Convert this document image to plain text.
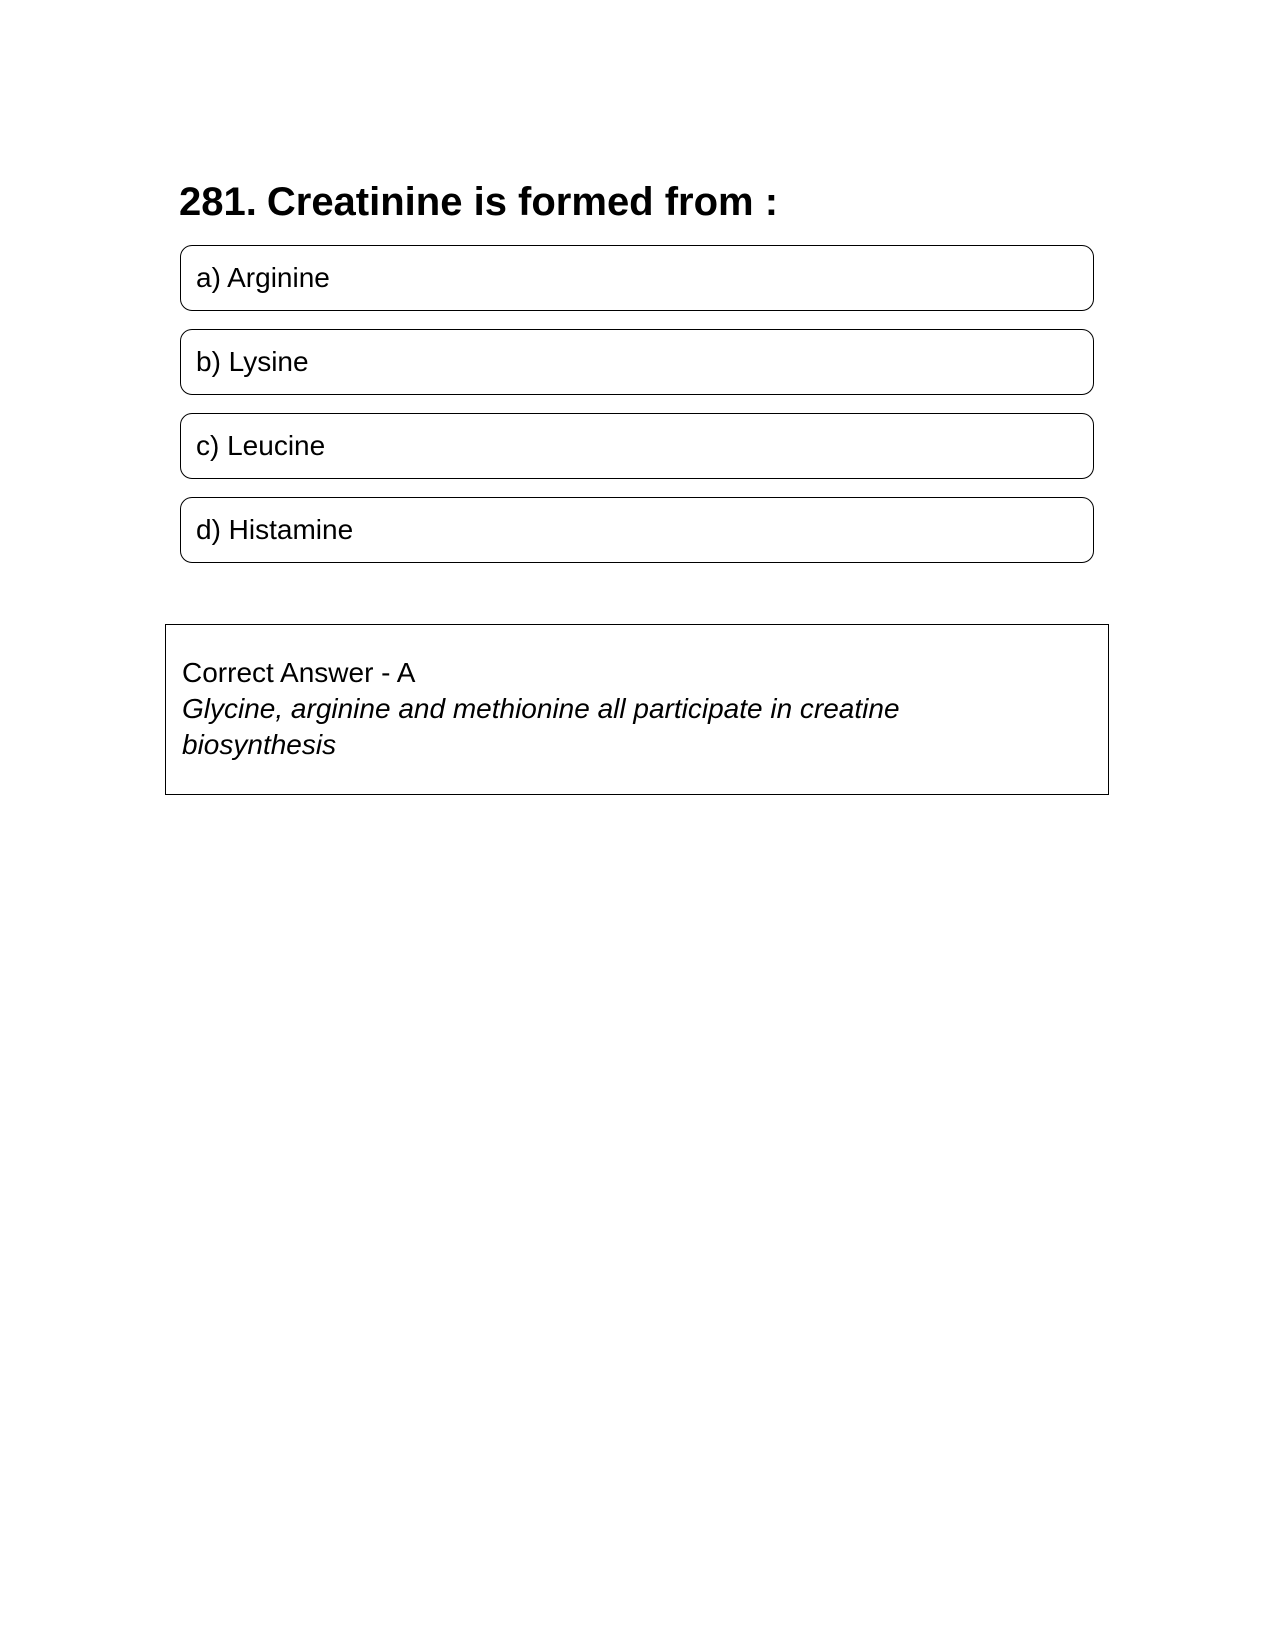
281. Creatinine is formed from :
a) Arginine
b) Lysine
c) Leucine
d) Histamine
Correct Answer - A
Glycine, arginine and methionine all participate in creatine biosynthesis
